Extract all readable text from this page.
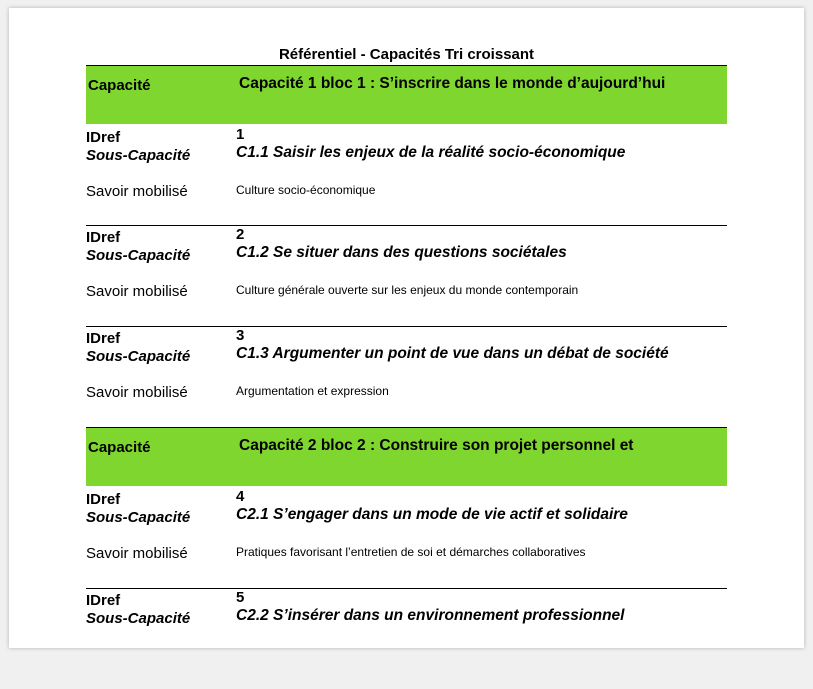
Référentiel - Capacités Tri croissant
Capacité	Capacité 1 bloc 1 : S’inscrire dans le monde d’aujourd’hui
IDref	1
Sous-Capacité	C1.1 Saisir les enjeux de la réalité socio-économique
Savoir mobilisé	Culture socio-économique
IDref	2
Sous-Capacité	C1.2 Se situer dans des questions sociétales
Savoir mobilisé	Culture générale ouverte sur les enjeux du monde contemporain
IDref	3
Sous-Capacité	C1.3 Argumenter un point de vue dans un débat de société
Savoir mobilisé	Argumentation et expression
Capacité	Capacité 2 bloc 2 : Construire son projet personnel et
IDref	4
Sous-Capacité	C2.1 S’engager dans un mode de vie actif et solidaire
Savoir mobilisé	Pratiques favorisant l’entretien de soi et démarches collaboratives
IDref	5
Sous-Capacité	C2.2 S’insérer dans un environnement professionnel
